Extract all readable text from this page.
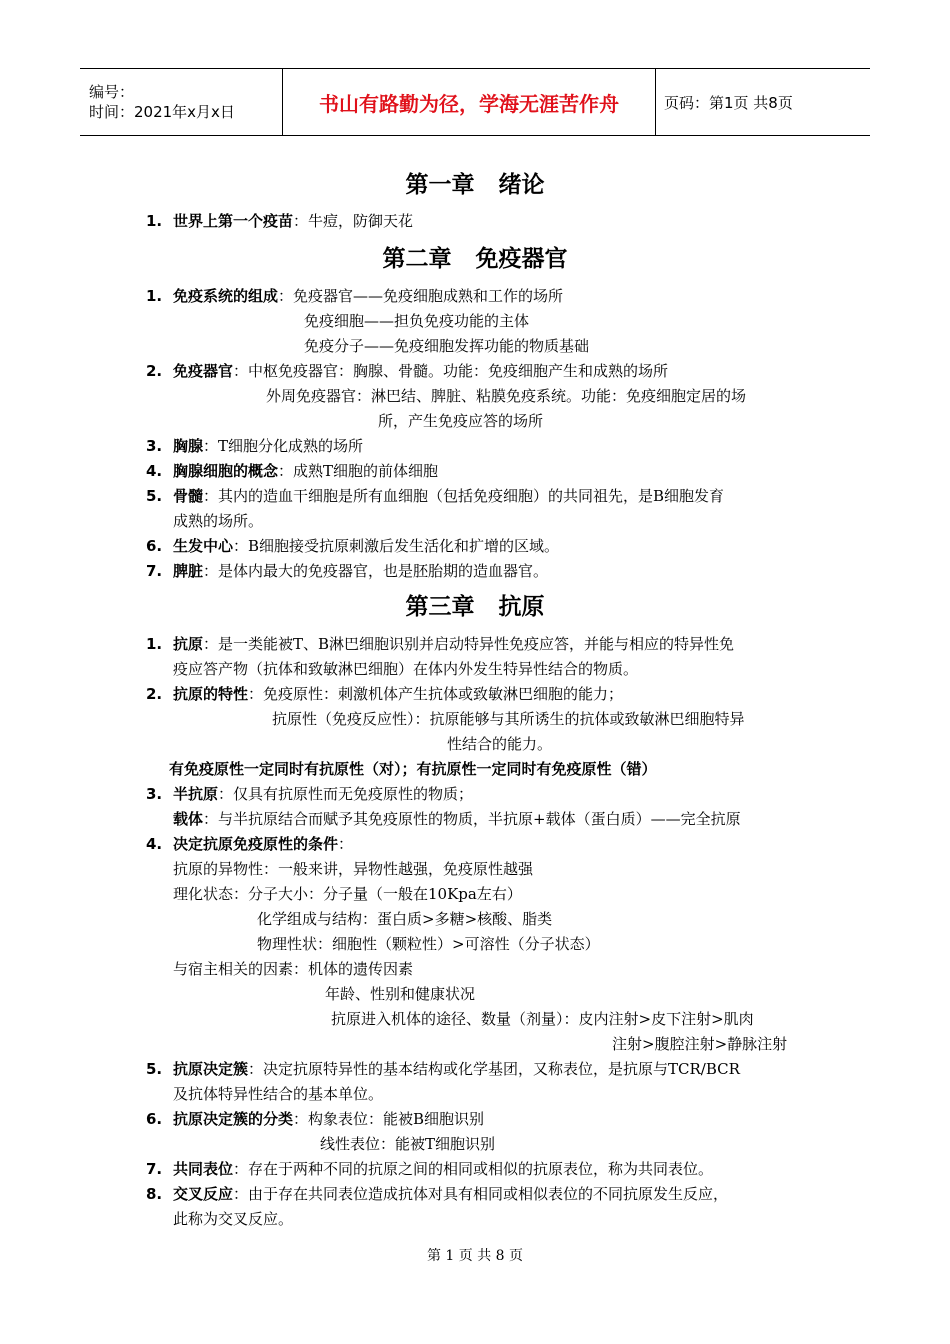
编号：
时间：2021年x月x日	书山有路勤为径，学海无涯苦作舟	页码：第1页 共8页
第一章   绪论
1. 世界上第一个疫苗：牛痘，防御天花
第二章   免疫器官
1. 免疫系统的组成：免疫器官——免疫细胞成熟和工作的场所
免疫细胞——担负免疫功能的主体
免疫分子——免疫细胞发挥功能的物质基础
2. 免疫器官：中枢免疫器官：胸腺、骨髓。功能：免疫细胞产生和成熟的场所
外周免疫器官：淋巴结、脾脏、粘膜免疫系统。功能：免疫细胞定居的场
所，产生免疫应答的场所
3. 胸腺：T细胞分化成熟的场所
4. 胸腺细胞的概念：成熟T细胞的前体细胞
5. 骨髓：其内的造血干细胞是所有血细胞（包括免疫细胞）的共同祖先，是B细胞发育
成熟的场所。
6. 生发中心：B细胞接受抗原刺激后发生活化和扩增的区域。
7. 脾脏：是体内最大的免疫器官，也是胚胎期的造血器官。
第三章   抗原
1. 抗原：是一类能被T、B淋巴细胞识别并启动特异性免疫应答，并能与相应的特异性免
疫应答产物（抗体和致敏淋巴细胞）在体内外发生特异性结合的物质。
2. 抗原的特性：免疫原性：刺激机体产生抗体或致敏淋巴细胞的能力；
抗原性（免疫反应性）：抗原能够与其所诱生的抗体或致敏淋巴细胞特异
性结合的能力。
有免疫原性一定同时有抗原性（对）；有抗原性一定同时有免疫原性（错）
3. 半抗原：仅具有抗原性而无免疫原性的物质；
载体：与半抗原结合而赋予其免疫原性的物质，半抗原+载体（蛋白质）——完全抗原
4. 决定抗原免疫原性的条件：
抗原的异物性：一般来讲，异物性越强，免疫原性越强
理化状态：分子大小：分子量（一般在10Kpa左右）
化学组成与结构：蛋白质>多糖>核酸、脂类
物理性状：细胞性（颗粒性）>可溶性（分子状态）
与宿主相关的因素：机体的遗传因素
年龄、性别和健康状况
抗原进入机体的途径、数量（剂量）：皮内注射>皮下注射>肌肉
注射>腹腔注射>静脉注射
5. 抗原决定簇：决定抗原特异性的基本结构或化学基团，又称表位，是抗原与TCR/BCR
及抗体特异性结合的基本单位。
6. 抗原决定簇的分类：构象表位：能被B细胞识别
线性表位：能被T细胞识别
7. 共同表位：存在于两种不同的抗原之间的相同或相似的抗原表位，称为共同表位。
8. 交叉反应：由于存在共同表位造成抗体对具有相同或相似表位的不同抗原发生反应，
此称为交叉反应。
第 1 页 共 8 页
